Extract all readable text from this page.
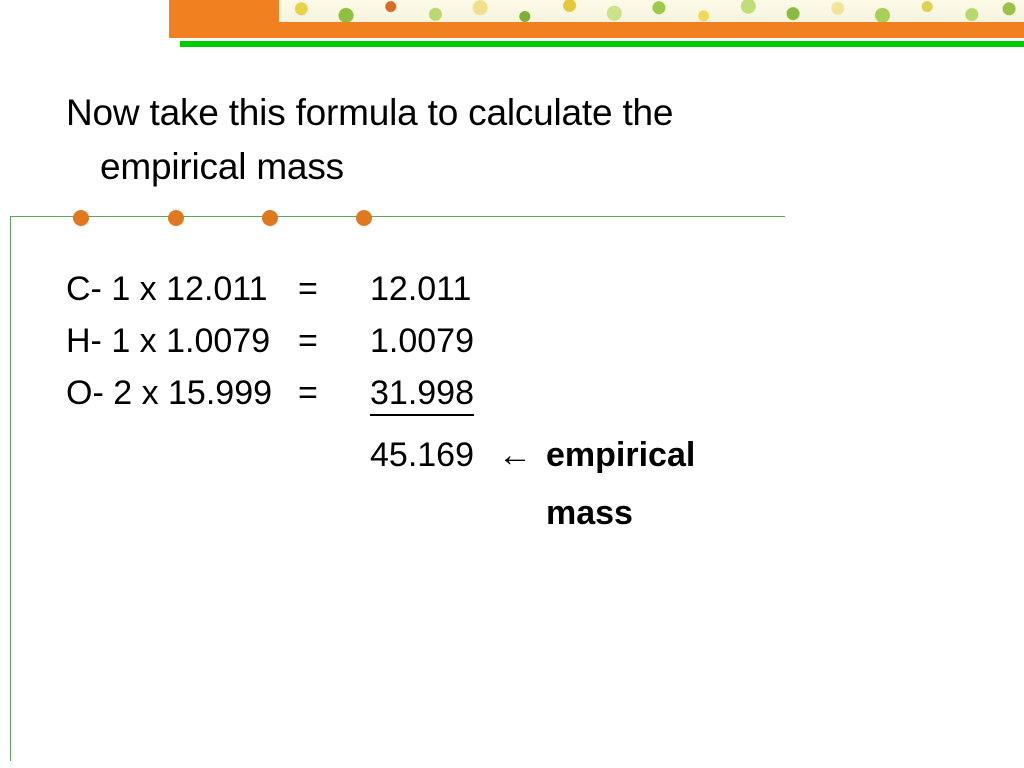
Now take this formula to calculate the
empirical mass
C- 1 x 12.011 =	12.011
H- 1 x 1.0079 =	1.0079
O- 2 x 15.999 =	31.998
45.169 ← empirical
mass
